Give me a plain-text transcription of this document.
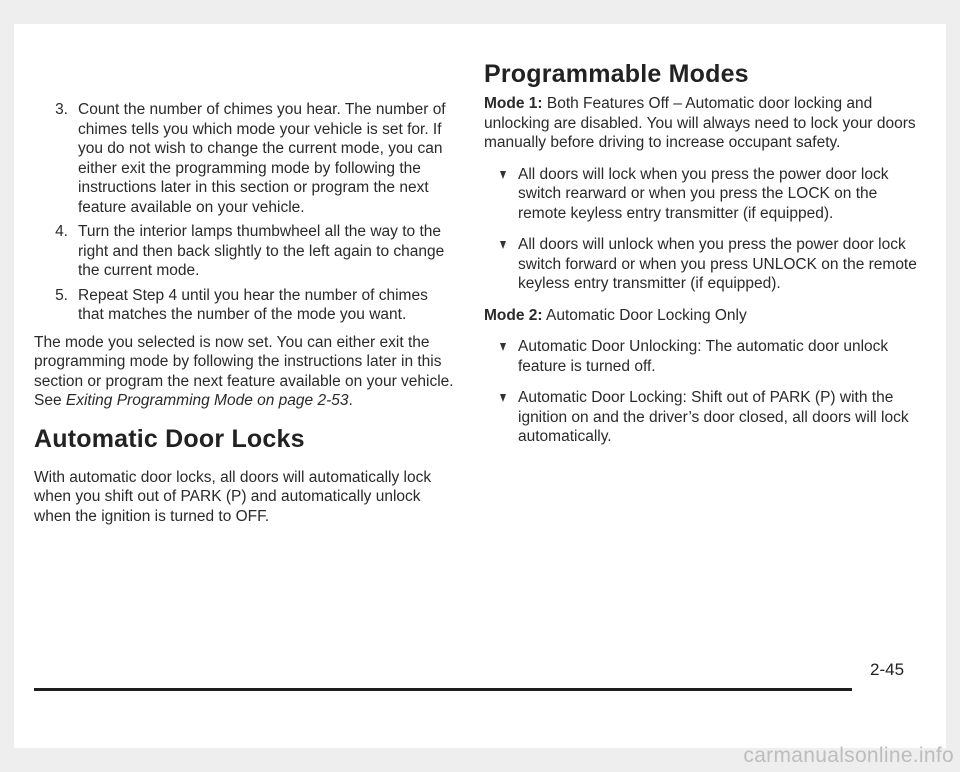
3. Count the number of chimes you hear. The number of chimes tells you which mode your vehicle is set for. If you do not wish to change the current mode, you can either exit the programming mode by following the instructions later in this section or program the next feature available on your vehicle.
4. Turn the interior lamps thumbwheel all the way to the right and then back slightly to the left again to change the current mode.
5. Repeat Step 4 until you hear the number of chimes that matches the number of the mode you want.

The mode you selected is now set. You can either exit the programming mode by following the instructions later in this section or program the next feature available on your vehicle. See Exiting Programming Mode on page 2-53.

Automatic Door Locks

With automatic door locks, all doors will automatically lock when you shift out of PARK (P) and automatically unlock when the ignition is turned to OFF.

Programmable Modes
Mode 1: Both Features Off – Automatic door locking and unlocking are disabled. You will always need to lock your doors manually before driving to increase occupant safety.
All doors will lock when you press the power door lock switch rearward or when you press the LOCK on the remote keyless entry transmitter (if equipped).
All doors will unlock when you press the power door lock switch forward or when you press UNLOCK on the remote keyless entry transmitter (if equipped).
Mode 2: Automatic Door Locking Only
Automatic Door Unlocking: The automatic door unlock feature is turned off.
Automatic Door Locking: Shift out of PARK (P) with the ignition on and the driver’s door closed, all doors will lock automatically.
2-45
carmanualsonline.info
